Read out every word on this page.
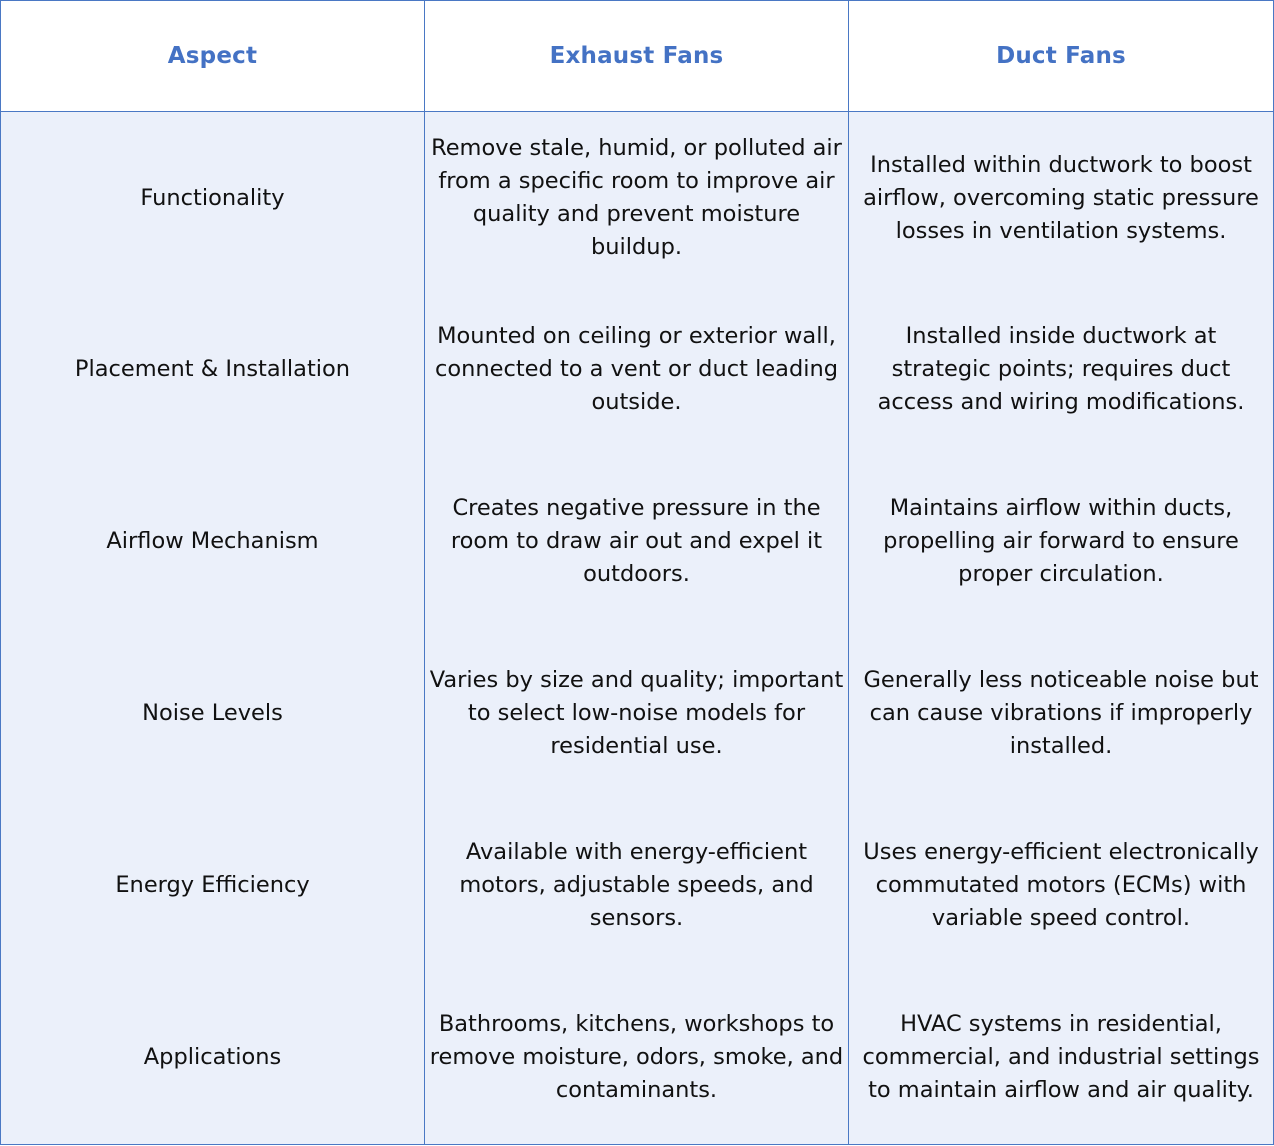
Aspect	Exhaust Fans	Duct Fans
Functionality	Remove stale, humid, or polluted air from a specific room to improve air quality and prevent moisture buildup.	Installed within ductwork to boost airflow, overcoming static pressure losses in ventilation systems.
Placement & Installation	Mounted on ceiling or exterior wall, connected to a vent or duct leading outside.	Installed inside ductwork at strategic points; requires duct access and wiring modifications.
Airflow Mechanism	Creates negative pressure in the room to draw air out and expel it outdoors.	Maintains airflow within ducts, propelling air forward to ensure proper circulation.
Noise Levels	Varies by size and quality; important to select low-noise models for residential use.	Generally less noticeable noise but can cause vibrations if improperly installed.
Energy Efficiency	Available with energy-efficient motors, adjustable speeds, and sensors.	Uses energy-efficient electronically commutated motors (ECMs) with variable speed control.
Applications	Bathrooms, kitchens, workshops to remove moisture, odors, smoke, and contaminants.	HVAC systems in residential, commercial, and industrial settings to maintain airflow and air quality.
